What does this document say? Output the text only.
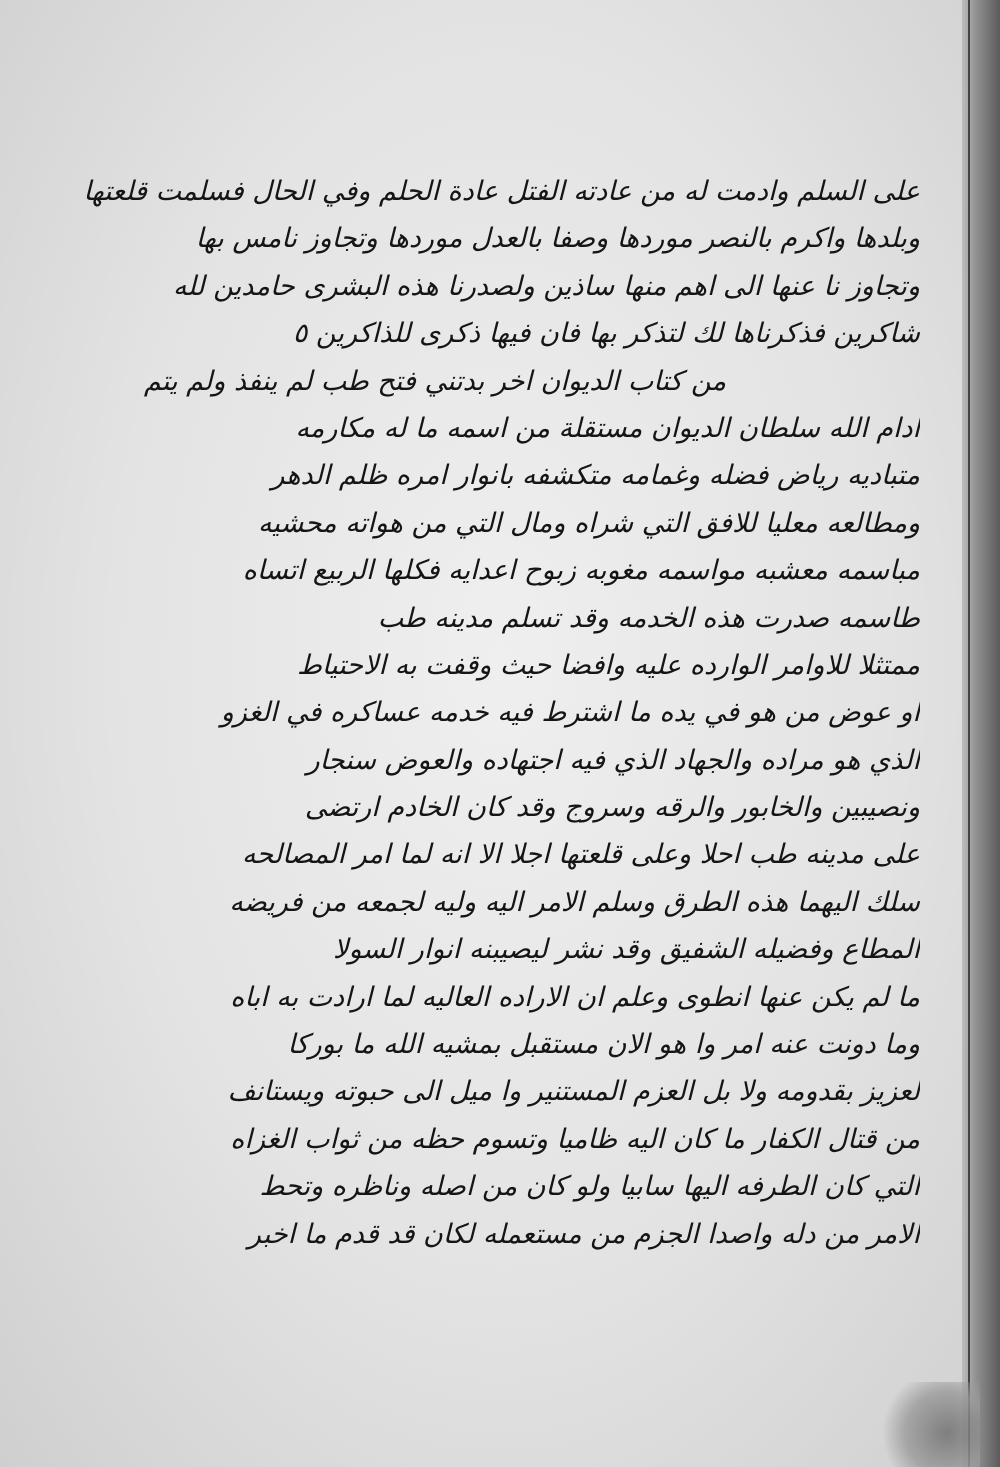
على السلم وادمت له من عادته الفتل عادة الحلم وفي الحال فسلمت قلعتها
وبلدها واكرم بالنصر موردها وصفا بالعدل موردها وتجاوز نامس بها
وتجاوز نا عنها الى اهم منها ساذين ولصدرنا هذه البشرى حامدين لله
شاكرين فذكرناها لك لتذكر بها فان فيها ذكرى للذاكرين ٥
من كتاب الديوان اخر بدتني فتح طب لم ينفذ ولم يتم
ادام الله سلطان الديوان مستقلة من اسمه ما له مكارمه
متباديه رياض فضله وغمامه متكشفه بانوار امره ظلم الدهر
ومطالعه معليا للافق التي شراه ومال التي من هواته محشيه
مباسمه معشبه مواسمه مغوبه زبوح اعدايه فكلها الربيع اتساه
طاسمه صدرت هذه الخدمه وقد تسلم مدينه طب
ممتثلا للاوامر الوارده عليه وافضا حيث وقفت به الاحتياط
او عوض من هو في يده ما اشترط فيه خدمه عساكره في الغزو
الذي هو مراده والجهاد الذي فيه اجتهاده والعوض سنجار
ونصيبين والخابور والرقه وسروج وقد كان الخادم ارتضى
على مدينه طب احلا وعلى قلعتها اجلا الا انه لما امر المصالحه
سلك اليهما هذه الطرق وسلم الامر اليه وليه لجمعه من فريضه
المطاع وفضيله الشفيق وقد نشر ليصيبنه انوار السولا
ما لم يكن عنها انطوى وعلم ان الاراده العاليه لما ارادت به اباه
وما دونت عنه امر وا هو الان مستقبل بمشيه الله ما بوركا
لعزيز بقدومه ولا بل العزم المستنير وا ميل الى حبوته ويستانف
من قتال الكفار ما كان اليه ظاميا وتسوم حظه من ثواب الغزاه
التي كان الطرفه اليها سابيا ولو كان من اصله وناظره وتحط
الامر من دله واصدا الجزم من مستعمله لكان قد قدم ما اخبر
